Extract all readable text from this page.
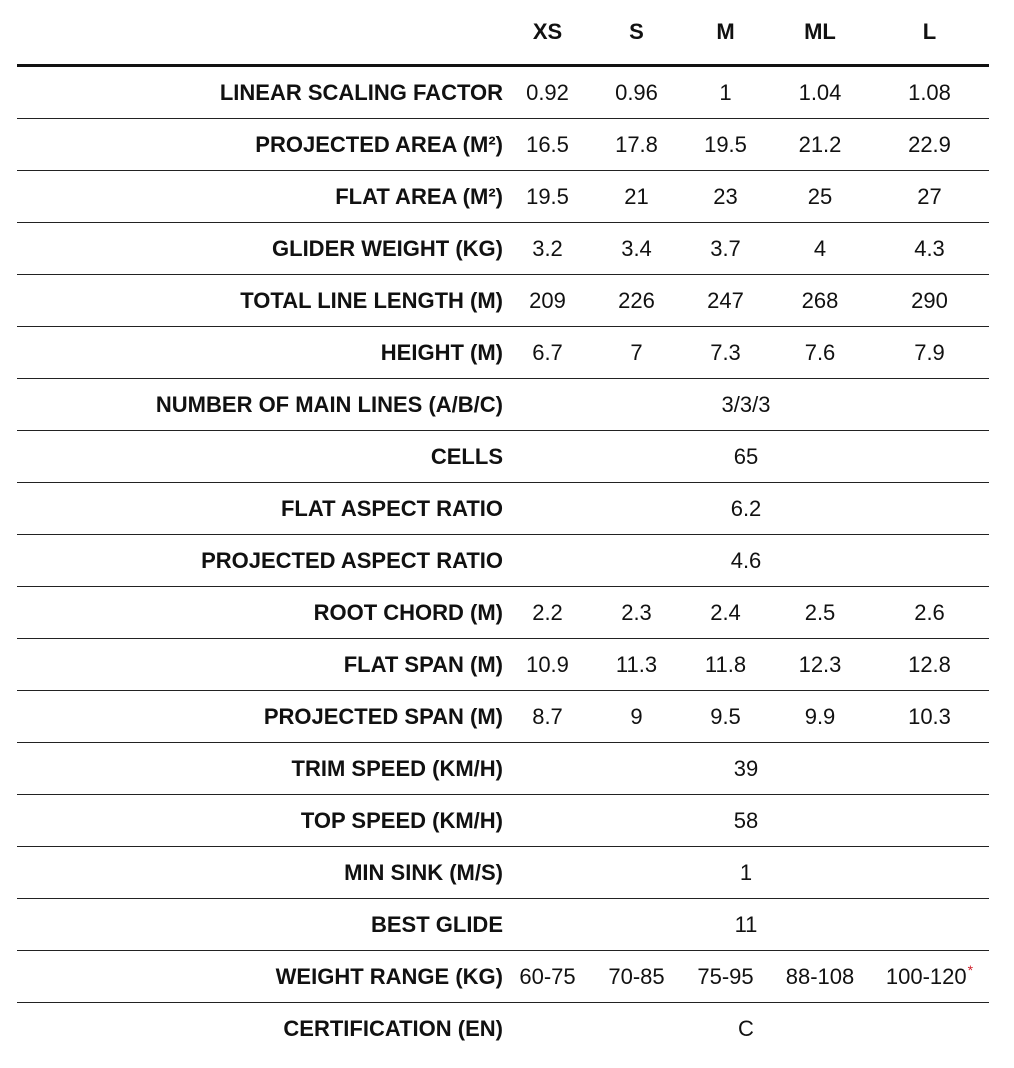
	XS	S	M	ML	L
LINEAR SCALING FACTOR	0.92	0.96	1	1.04	1.08
PROJECTED AREA (M²)	16.5	17.8	19.5	21.2	22.9
FLAT AREA (M²)	19.5	21	23	25	27
GLIDER WEIGHT (KG)	3.2	3.4	3.7	4	4.3
TOTAL LINE LENGTH (M)	209	226	247	268	290
HEIGHT (M)	6.7	7	7.3	7.6	7.9
NUMBER OF MAIN LINES (A/B/C)	3/3/3				
CELLS	65				
FLAT ASPECT RATIO	6.2				
PROJECTED ASPECT RATIO	4.6				
ROOT CHORD (M)	2.2	2.3	2.4	2.5	2.6
FLAT SPAN (M)	10.9	11.3	11.8	12.3	12.8
PROJECTED SPAN (M)	8.7	9	9.5	9.9	10.3
TRIM SPEED (KM/H)	39				
TOP SPEED (KM/H)	58				
MIN SINK (M/S)	1				
BEST GLIDE	11				
WEIGHT RANGE (KG)	60-75	70-85	75-95	88-108	100-120*
CERTIFICATION (EN)	C				
